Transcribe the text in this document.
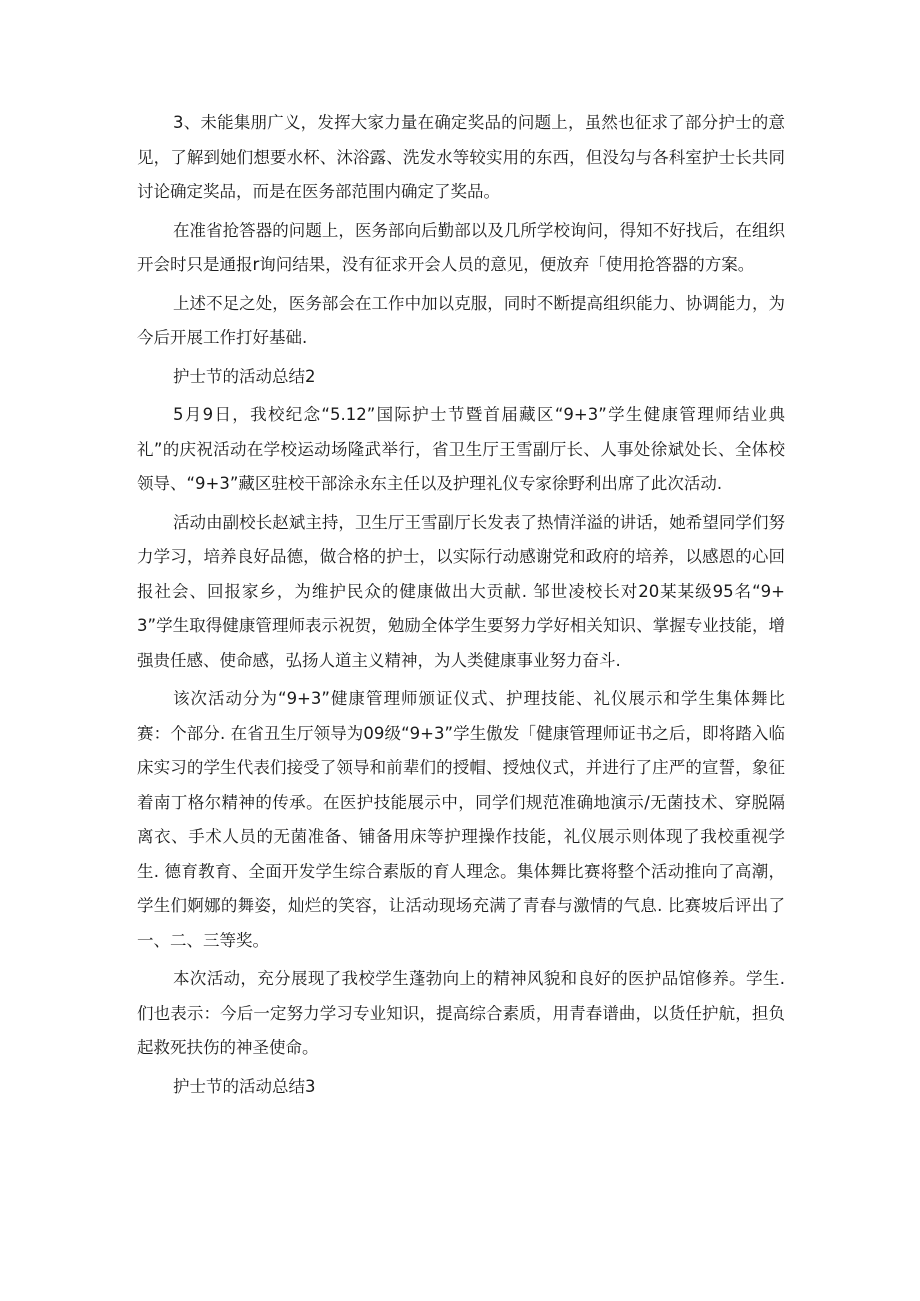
3、未能集朋广义，发挥大家力量在确定奖品的问题上，虽然也征求了部分护士的意见，了解到她们想要水杯、沐浴露、洗发水等较实用的东西，但没勾与各科室护士长共同讨论确定奖品，而是在医务部范围内确定了奖品。

在准省抢答器的问题上，医务部向后勤部以及几所学校询问，得知不好找后，在组织开会时只是通报r询问结果，没有征求开会人员的意见，便放弃「使用抢答器的方案。

上述不足之处，医务部会在工作中加以克服，同时不断提高组织能力、协调能力，为今后开展工作打好基础.

护士节的活动总结2

5月9日，我校纪念“5.12”国际护士节暨首届藏区“9+3”学生健康管理师结业典礼”的庆祝活动在学校运动场隆武举行，省卫生厅王雪副厅长、人事处徐斌处长、全体校领导、“9+3”藏区驻校干部涂永东主任以及护理礼仪专家徐野利出席了此次活动.

活动由副校长赵斌主持，卫生厅王雪副厅长发表了热情洋溢的讲话，她希望同学们努力学习，培养良好品德，做合格的护士，以实际行动感谢党和政府的培养，以感恩的心回报社会、回报家乡，为维护民众的健康做出大贡献. 邹世凌校长对20某某级95名“9+3”学生取得健康管理师表示祝贺，勉励全体学生要努力学好相关知识、掌握专业技能，增强贵任感、使命感，弘扬人道主义精神，为人类健康事业努力奋斗.

该次活动分为“9+3”健康管理师颁证仪式、护理技能、礼仪展示和学生集体舞比赛：个部分. 在省丑生厅领导为09级“9+3”学生傲发「健康管理师证书之后，即将踏入临床实习的学生代表们接受了领导和前辈们的授帽、授烛仪式，并进行了庄严的宣誓，象征着南丁格尔精神的传承。在医护技能展示中，同学们规范准确地演示/无菌技术、穿脱隔离衣、手术人员的无菌准备、铺备用床等护理操作技能，礼仪展示则体现了我校重视学生. 德育教育、全面开发学生综合素版的育人理念。集体舞比赛将整个活动推向了高潮，学生们婀娜的舞姿，灿烂的笑容，让活动现场充满了青春与激情的气息. 比赛坡后评出了一、二、三等奖。

本次活动，充分展现了我校学生蓬勃向上的精神风貌和良好的医护品馆修养。学生. 们也表示：今后一定努力学习专业知识，提高综合素质，用青春谱曲，以货任护航，担负起救死扶伤的神圣使命。

护士节的活动总结3
